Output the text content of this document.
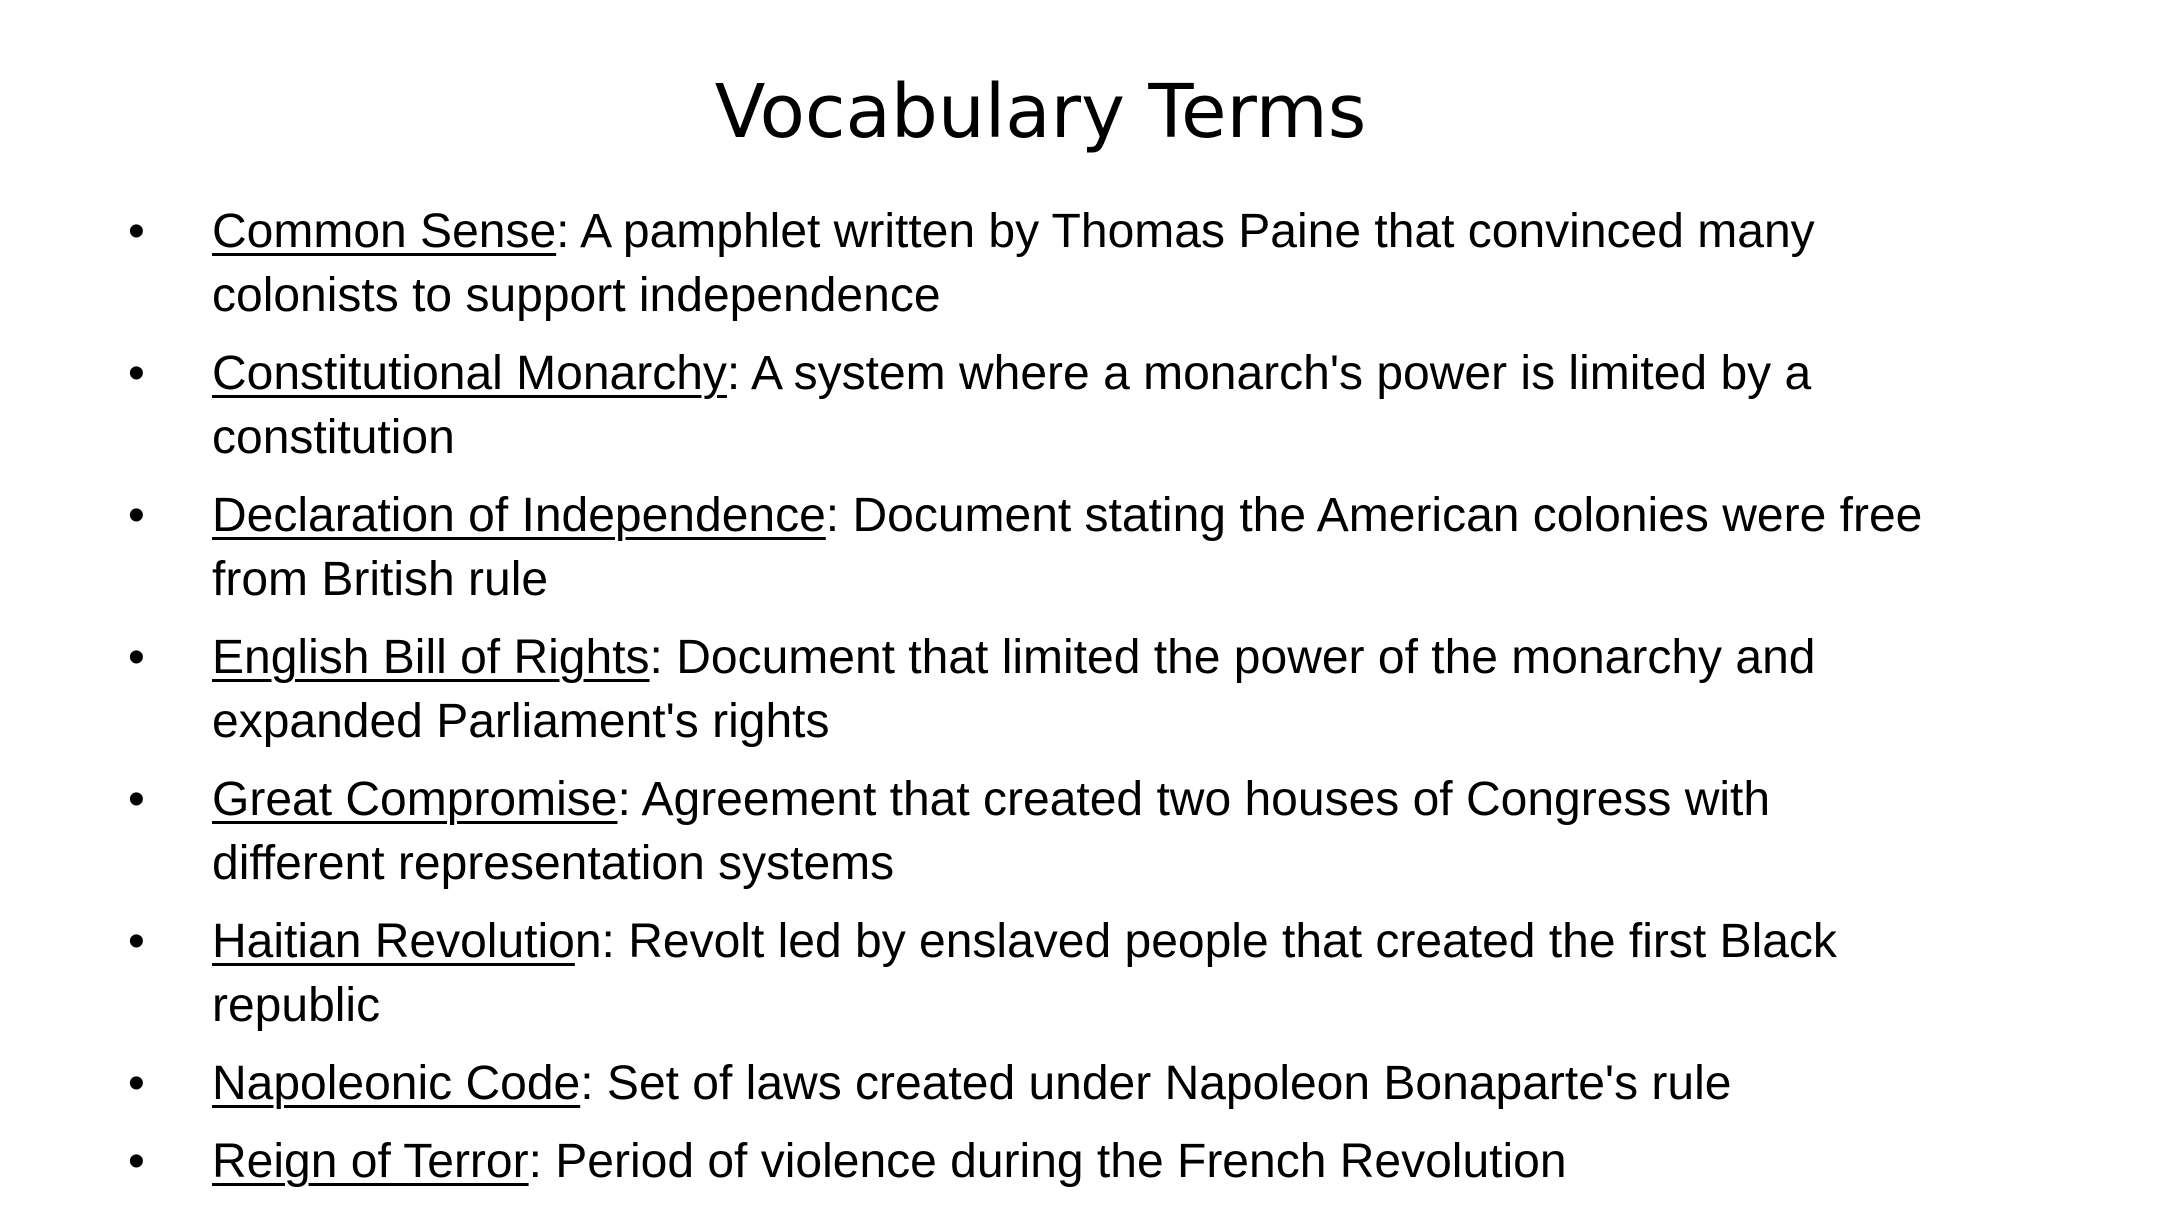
Vocabulary Terms
• Common Sense: A pamphlet written by Thomas Paine that convinced many colonists to support independence
• Constitutional Monarchy: A system where a monarch's power is limited by a constitution
• Declaration of Independence: Document stating the American colonies were free from British rule
• English Bill of Rights: Document that limited the power of the monarchy and expanded Parliament's rights
• Great Compromise: Agreement that created two houses of Congress with different representation systems
• Haitian Revolution: Revolt led by enslaved people that created the first Black republic
• Napoleonic Code: Set of laws created under Napoleon Bonaparte's rule
• Reign of Terror: Period of violence during the French Revolution
